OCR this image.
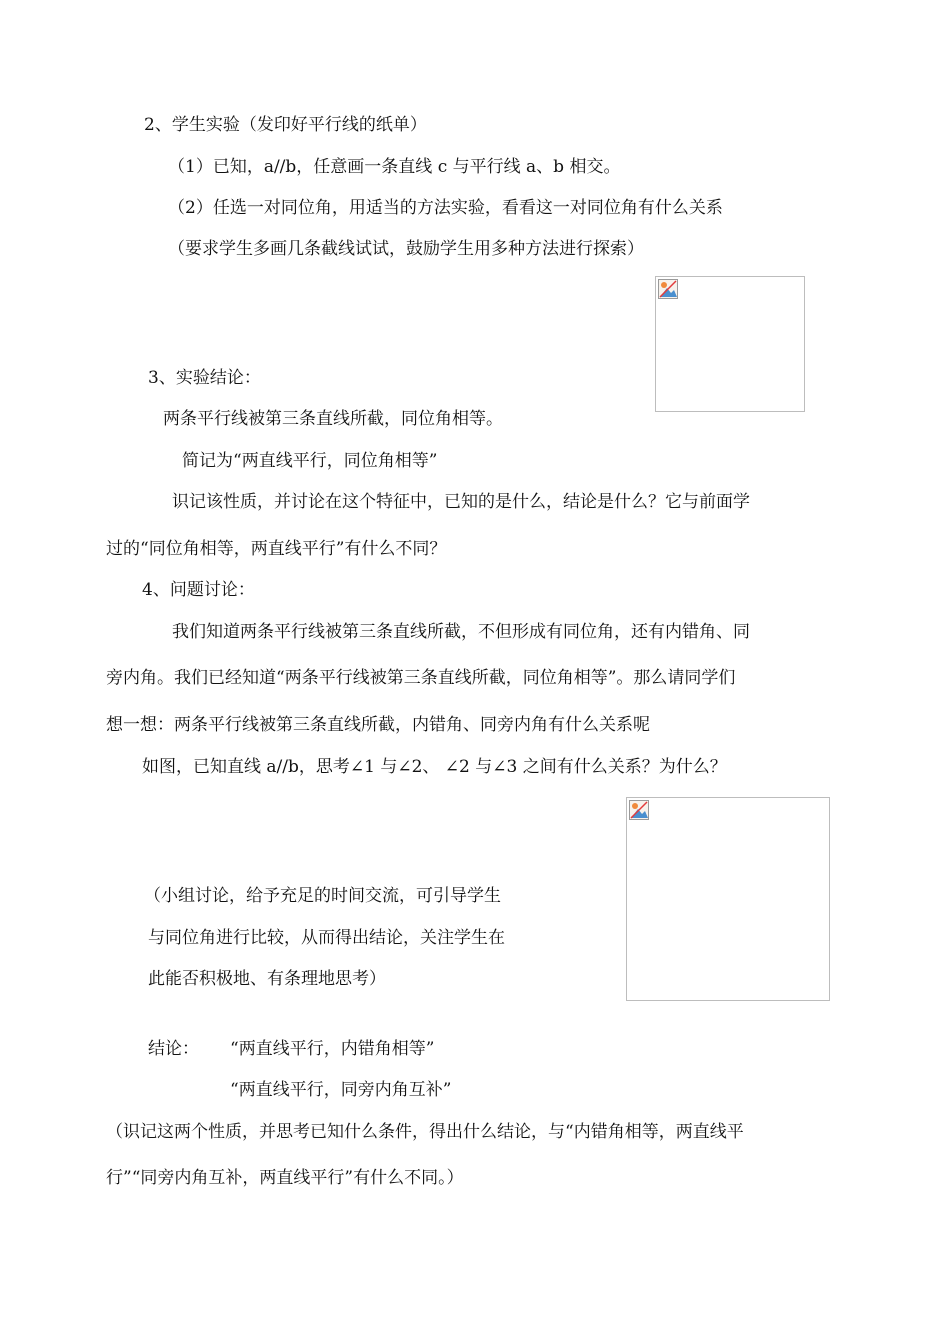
2、学生实验（发印好平行线的纸单）
（1）已知，a//b，任意画一条直线 c 与平行线 a、b 相交。
（2）任选一对同位角，用适当的方法实验，看看这一对同位角有什么关系
（要求学生多画几条截线试试，鼓励学生用多种方法进行探索）
3、实验结论：
两条平行线被第三条直线所截，同位角相等。
简记为“两直线平行，同位角相等”
识记该性质，并讨论在这个特征中，已知的是什么，结论是什么？它与前面学
过的“同位角相等，两直线平行”有什么不同？
4、问题讨论：
我们知道两条平行线被第三条直线所截，不但形成有同位角，还有内错角、同
旁内角。我们已经知道“两条平行线被第三条直线所截，同位角相等”。那么请同学们
想一想：两条平行线被第三条直线所截，内错角、同旁内角有什么关系呢
如图，已知直线 a//b，思考∠1 与∠2、 ∠2 与∠3 之间有什么关系？为什么？
（小组讨论，给予充足的时间交流，可引导学生
与同位角进行比较，从而得出结论，关注学生在
此能否积极地、有条理地思考）
结论： “两直线平行，内错角相等”
“两直线平行，同旁内角互补”
（识记这两个性质，并思考已知什么条件，得出什么结论，与“内错角相等，两直线平
行”“同旁内角互补，两直线平行”有什么不同。）
